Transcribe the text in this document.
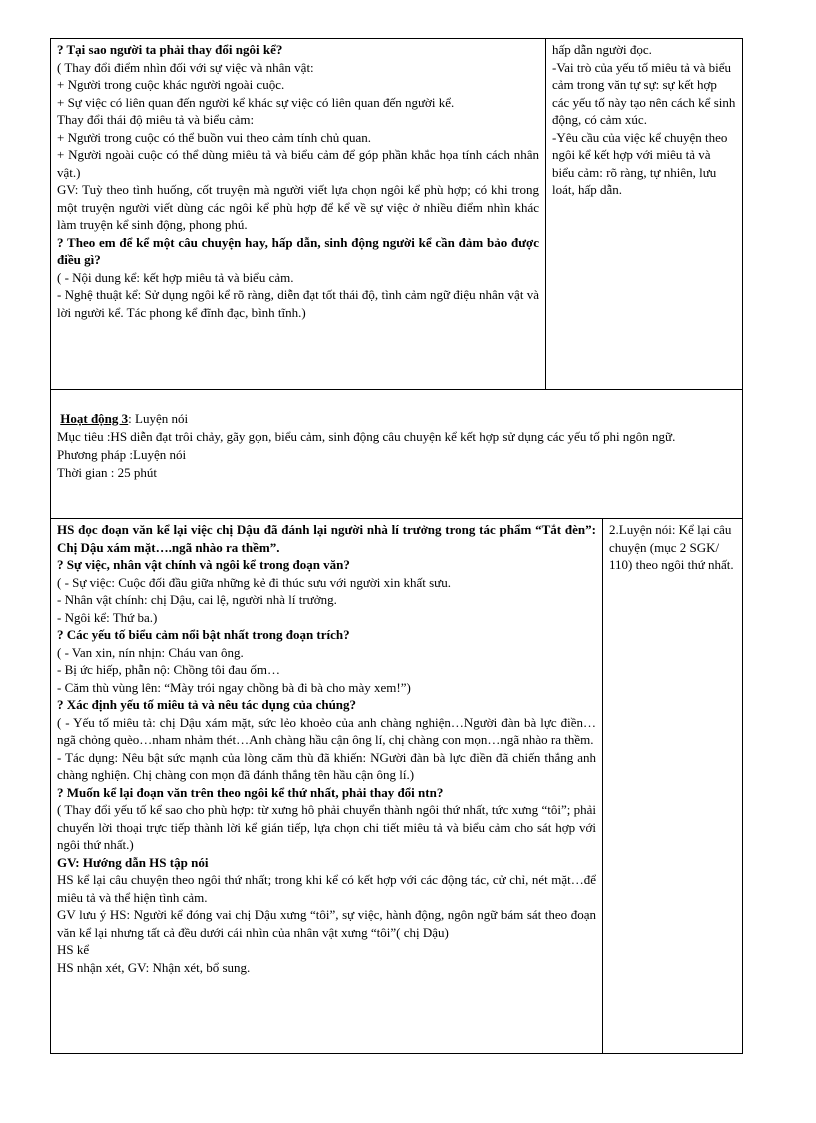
? Tại sao người ta phải thay đổi ngôi kể?

( Thay đổi điểm nhìn đối với sự việc và nhân vật:

+ Người trong cuộc khác người ngoài cuộc.

+ Sự việc có liên quan đến người kể khác sự việc có liên quan đến người kể.

Thay đổi thái độ miêu tả và biểu cảm:

+ Người trong cuộc có thể buồn vui theo cảm tính chủ quan.

+ Người ngoài cuộc có thể dùng miêu tả và biểu cảm để góp phần khắc họa tính cách nhân vật.)

GV: Tuỳ theo tình huống, cốt truyện mà người viết lựa chọn ngôi kể phù hợp; có khi trong một truyện người viết dùng các ngôi kể phù hợp để kể về sự việc ở nhiều điểm nhìn khác làm truyện kể sinh động, phong phú.

? Theo em để kể một câu chuyện hay, hấp dẫn, sinh động người kể cần đảm bảo được điều gì?

( - Nội dung kể: kết hợp miêu tả và biểu cảm.

- Nghệ thuật kể: Sử dụng ngôi kể rõ ràng, diễn đạt tốt thái độ, tình cảm ngữ điệu nhân vật và lời người kể. Tác phong kể đĩnh đạc, bình tĩnh.)

hấp dẫn người đọc.

-Vai trò của yếu tố miêu tả và biểu cảm trong văn tự sự: sự kết hợp các yếu tố này tạo nên cách kể sinh động, có cảm xúc.

-Yêu cầu của việc kể chuyện theo ngôi kể kết hợp với miêu tả và biểu cảm: rõ ràng, tự nhiên, lưu loát, hấp dẫn.

Hoạt động 3: Luyện nói

Mục tiêu :HS diễn đạt trôi chảy, gãy gọn, biểu cảm, sinh động câu chuyện kể kết hợp sử dụng các yếu tố phi ngôn ngữ.

Phương pháp :Luyện nói

Thời gian : 25 phút

HS đọc đoạn văn kể lại việc chị Dậu đã đánh lại người nhà lí trưởng trong tác phẩm “Tắt đèn”: Chị Dậu xám mặt….ngã nhào ra thềm”.

? Sự việc, nhân vật chính và ngôi kể trong đoạn văn?

( - Sự việc: Cuộc đối đầu giữa những kẻ đi thúc sưu với người xin khất sưu.

- Nhân vật chính: chị Dậu, cai lệ, người nhà lí trưởng.

- Ngôi kể: Thứ ba.)

? Các yếu tố biểu cảm nổi bật nhất trong đoạn trích?

( - Van xin, nín nhịn: Cháu van ông.

- Bị ức hiếp, phẫn nộ: Chồng tôi đau ốm…

- Căm thù vùng lên: “Mày trói ngay chồng bà đi bà cho mày xem!”)

? Xác định yếu tố miêu tả và nêu tác dụng của chúng?

( - Yếu tố miêu tả: chị Dậu xám mặt, sức lẻo khoẻo của anh chàng nghiện…Người đàn bà lực điền…ngã chỏng quèo…nham nhảm thét…Anh chàng hầu cận ông lí, chị chàng con mọn…ngã nhào ra thềm.

- Tác dụng: Nêu bật sức mạnh của lòng căm thù đã khiến: NGười đàn bà lực điền đã chiến thắng anh chàng nghiện. Chị chàng con mọn đã đánh thắng tên hầu cận ông lí.)

? Muốn kể lại đoạn văn trên theo ngôi kể thứ nhất, phải thay đổi ntn?

( Thay đổi yếu tố kể sao cho phù hợp: từ xưng hô phải chuyển thành ngôi thứ nhất, tức xưng “tôi”; phải chuyển lời thoại trực tiếp thành lời kể gián tiếp, lựa chọn chi tiết miêu tả và biểu cảm cho sát hợp với ngôi thứ nhất.)

GV: Hướng dẫn HS tập nói

HS kể lại câu chuyện theo ngôi thứ nhất; trong khi kể có kết hợp với các động tác, cử chỉ, nét mặt…để miêu tả và thể hiện tình cảm.

GV lưu ý HS: Người kể đóng vai chị Dậu xưng “tôi”, sự việc, hành động, ngôn ngữ bám sát theo đoạn văn kể lại nhưng tất cả đều dưới cái nhìn của nhân vật xưng “tôi”( chị Dậu)

HS kể

HS nhận xét, GV: Nhận xét, bổ sung.

2.Luyện nói: Kể lại câu chuyện (mục 2 SGK/ 110) theo ngôi thứ nhất.
